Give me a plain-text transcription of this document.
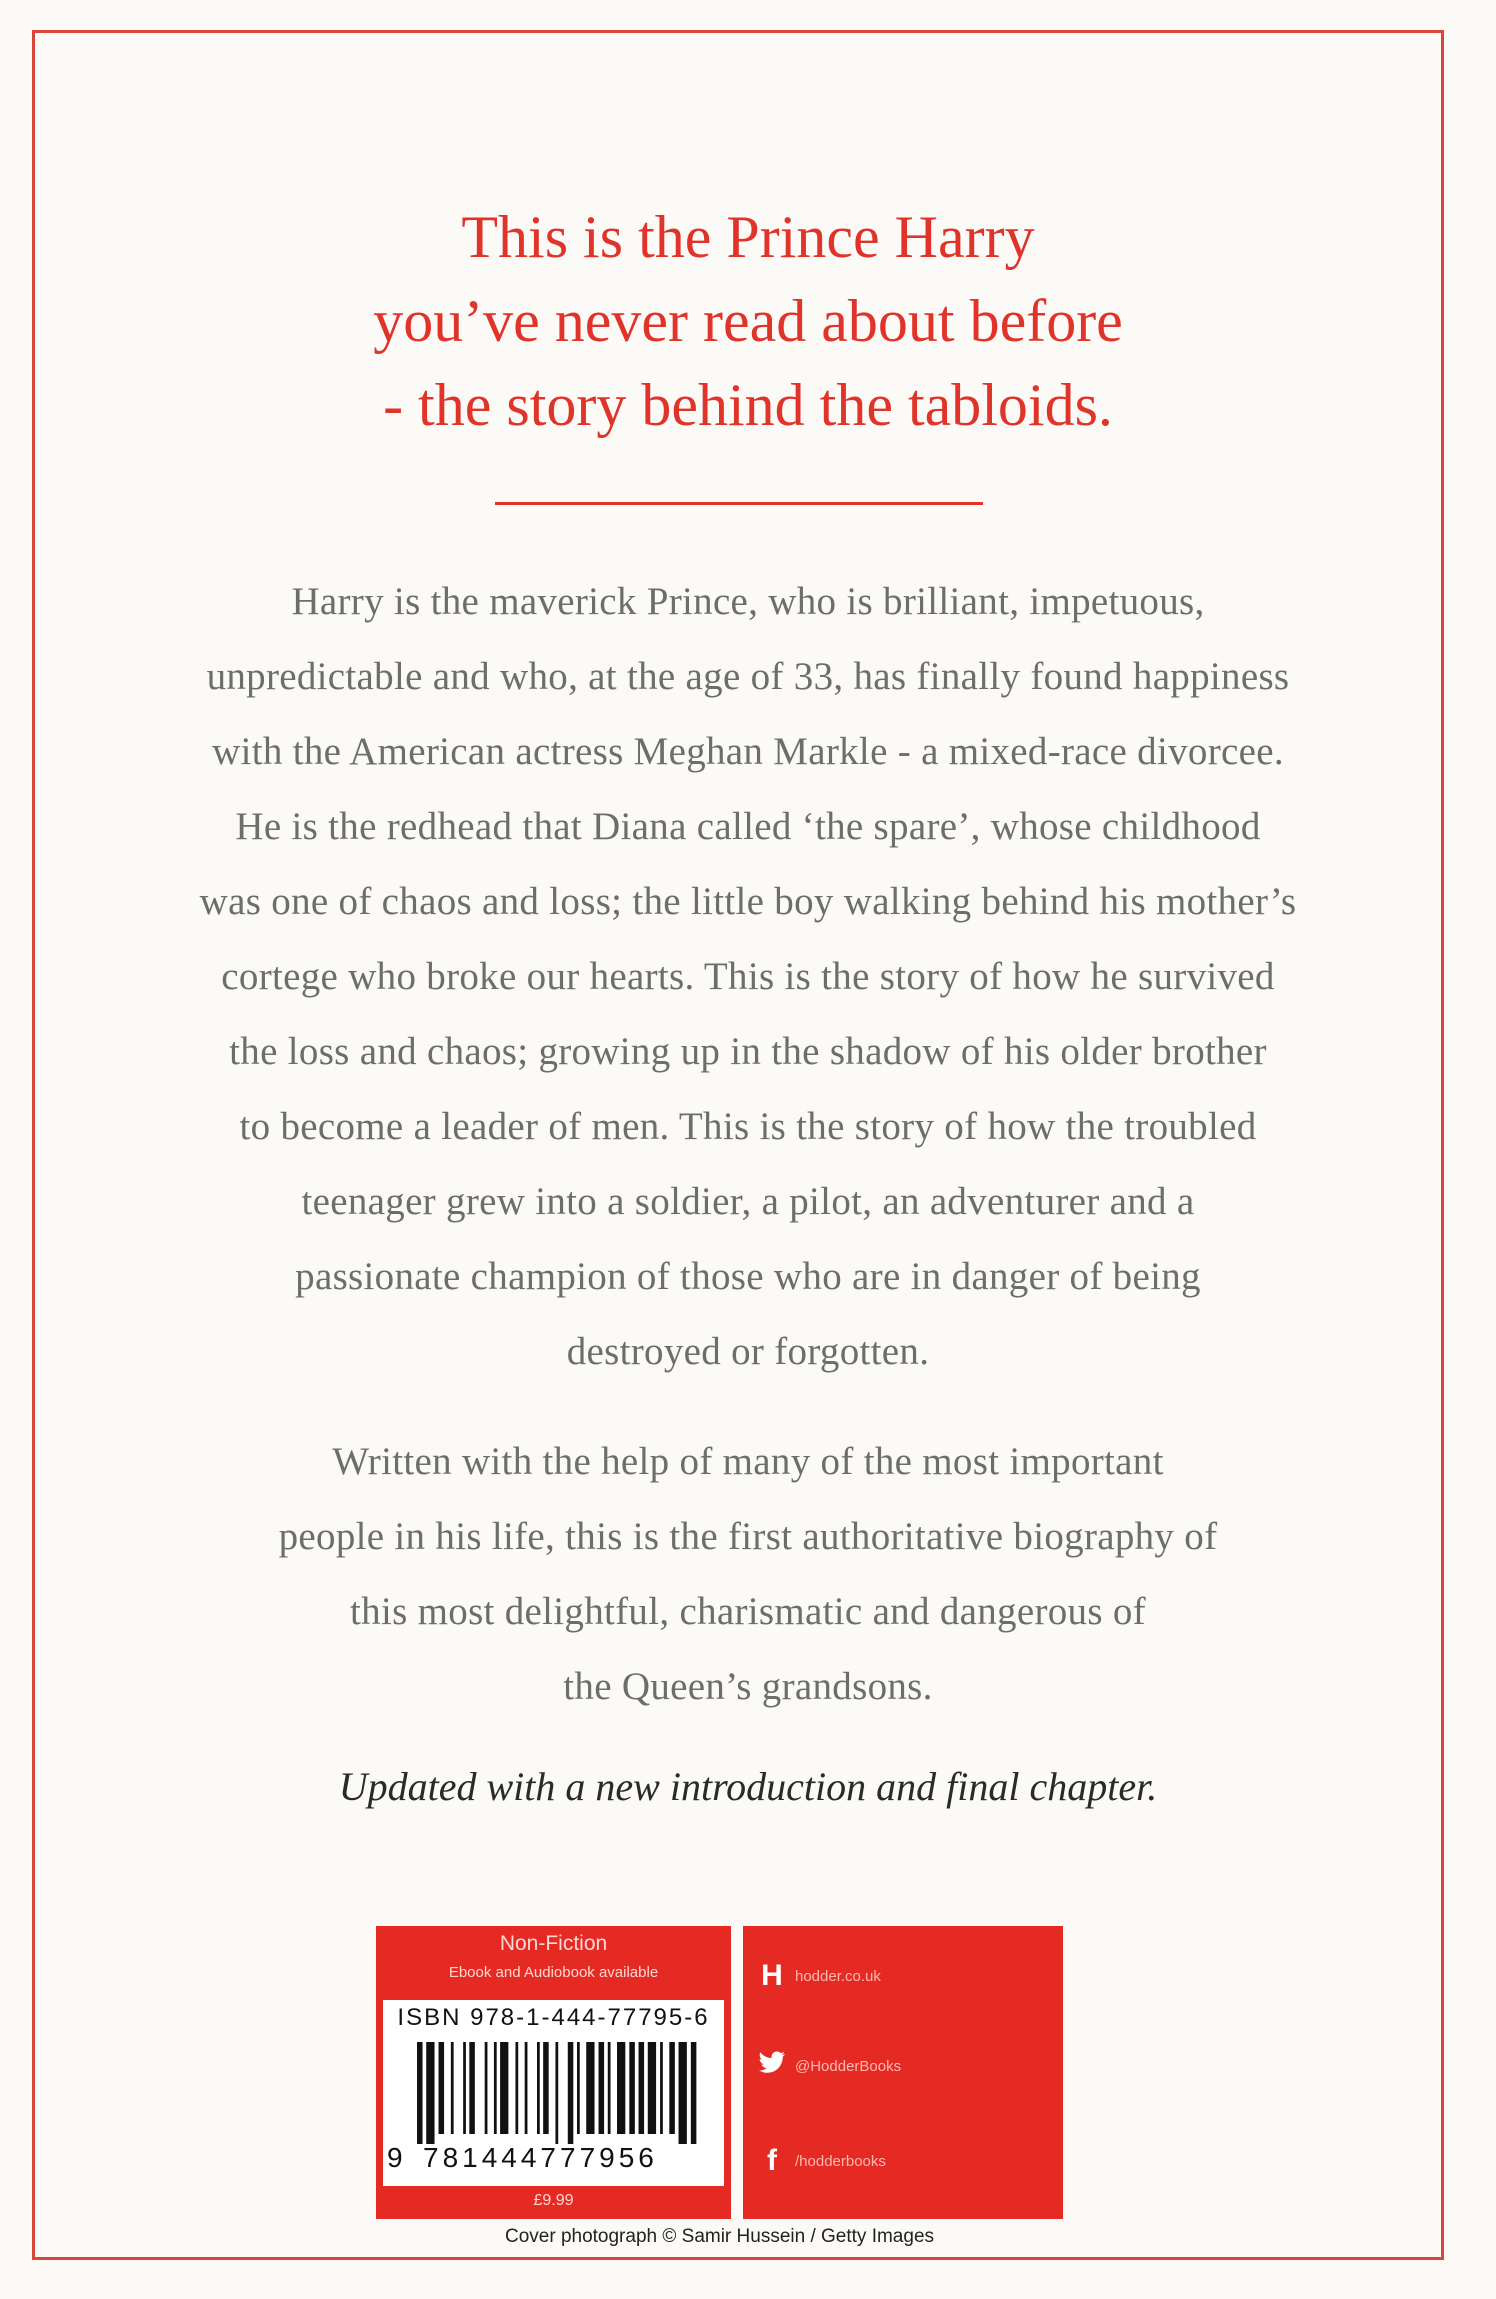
This is the Prince Harry
you’ve never read about before
- the story behind the tabloids.
Harry is the maverick Prince, who is brilliant, impetuous,
unpredictable and who, at the age of 33, has finally found happiness
with the American actress Meghan Markle - a mixed-race divorcee.
He is the redhead that Diana called ‘the spare’, whose childhood
was one of chaos and loss; the little boy walking behind his mother’s
cortege who broke our hearts. This is the story of how he survived
the loss and chaos; growing up in the shadow of his older brother
to become a leader of men. This is the story of how the troubled
teenager grew into a soldier, a pilot, an adventurer and a
passionate champion of those who are in danger of being
destroyed or forgotten.
Written with the help of many of the most important
people in his life, this is the first authoritative biography of
this most delightful, charismatic and dangerous of
the Queen’s grandsons.
Updated with a new introduction and final chapter.
Non-Fiction
Ebook and Audiobook available
ISBN 978-1-444-77795-6
9 781444777956
£9.99
H hodder.co.uk
@HodderBooks
f	/hodderbooks
Cover photograph © Samir Hussein / Getty Images
